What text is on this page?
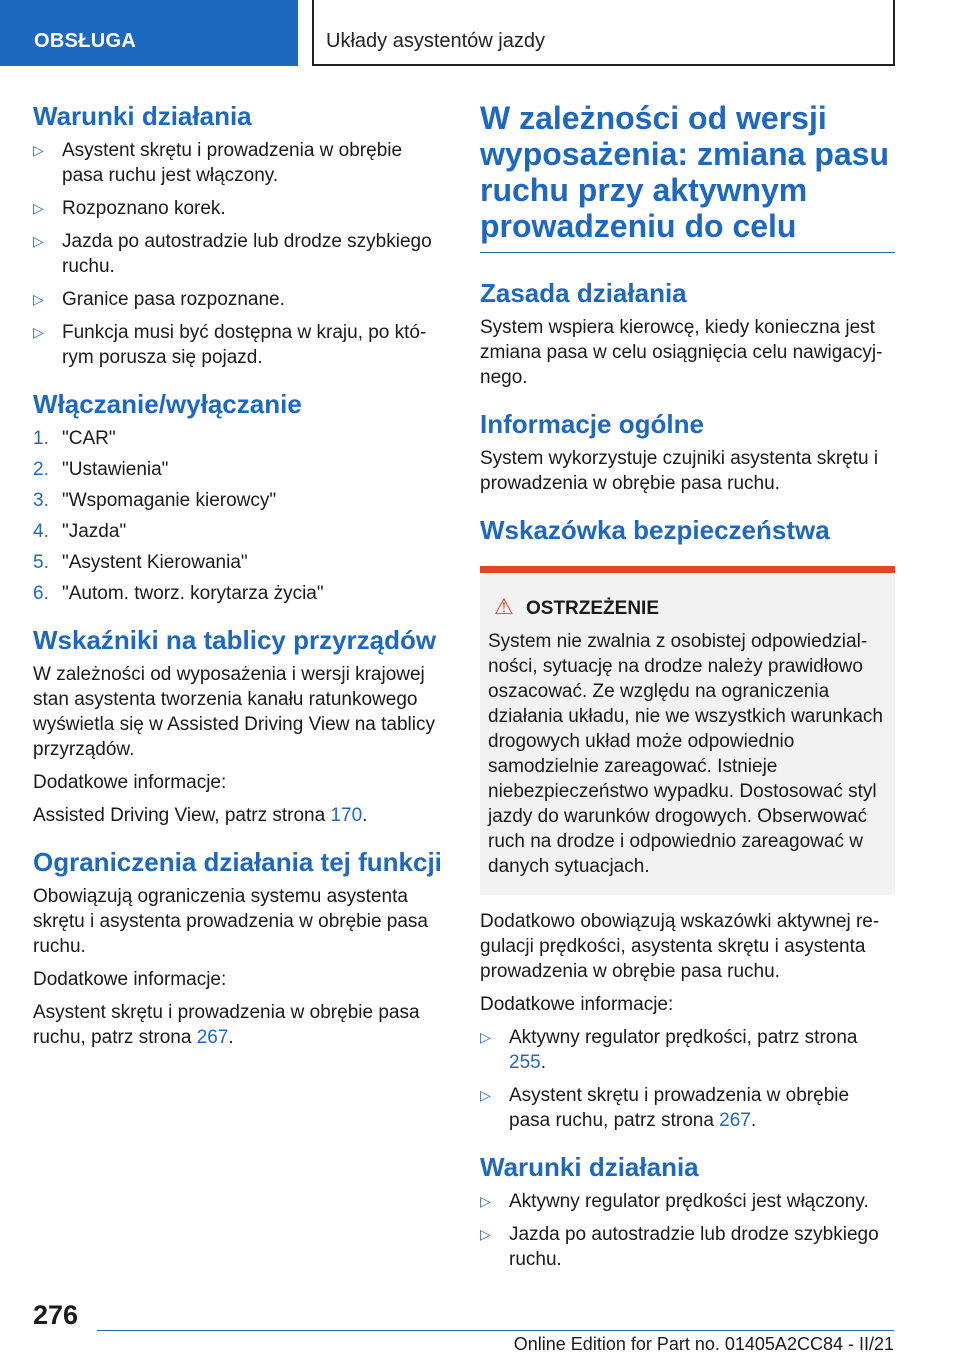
OBSŁUGA	Układy asystentów jazdy
Warunki działania
▷ Asystent skrętu i prowadzenia w obrębie pasa ruchu jest włączony.
▷ Rozpoznano korek.
▷ Jazda po autostradzie lub drodze szybkiego ruchu.
▷ Granice pasa rozpoznane.
▷ Funkcja musi być dostępna w kraju, po którym porusza się pojazd.
Włączanie/wyłączanie
1. "CAR"
2. "Ustawienia"
3. "Wspomaganie kierowcy"
4. "Jazda"
5. "Asystent Kierowania"
6. "Autom. tworz. korytarza życia"
Wskaźniki na tablicy przyrządów

W zależności od wyposażenia i wersji krajowej stan asystenta tworzenia kanału ratunkowego wyświetla się w Assisted Driving View na tablicy przyrządów.

Dodatkowe informacje:

Assisted Driving View, patrz strona 170.

Ograniczenia działania tej funkcji

Obowiązują ograniczenia systemu asystenta skrętu i asystenta prowadzenia w obrębie pasa ruchu.

Dodatkowe informacje:

Asystent skrętu i prowadzenia w obrębie pasa ruchu, patrz strona 267.

W zależności od wersji wyposażenia: zmiana pasu ruchu przy aktywnym prowadzeniu do celu
Zasada działania

System wspiera kierowcę, kiedy konieczna jest zmiana pasa w celu osiągnięcia celu nawigacyjnego.

Informacje ogólne

System wykorzystuje czujniki asystenta skrętu i prowadzenia w obrębie pasa ruchu.

Wskazówka bezpieczeństwa
⚠ OSTRZEŻENIE
System nie zwalnia z osobistej odpowiedzialności, sytuację na drodze należy prawidłowo oszacować. Ze względu na ograniczenia działania układu, nie we wszystkich warunkach drogowych układ może odpowiednio samodzielnie zareagować. Istnieje niebezpieczeństwo wypadku. Dostosować styl jazdy do warunków drogowych. Obserwować ruch na drodze i odpowiednio zareagować w danych sytuacjach.

Dodatkowo obowiązują wskazówki aktywnej regulacji prędkości, asystenta skrętu i asystenta prowadzenia w obrębie pasa ruchu.

Dodatkowe informacje:

▷ Aktywny regulator prędkości, patrz strona 255.
▷ Asystent skrętu i prowadzenia w obrębie pasa ruchu, patrz strona 267.
Warunki działania
▷ Aktywny regulator prędkości jest włączony.
▷ Jazda po autostradzie lub drodze szybkiego ruchu.
276
Online Edition for Part no. 01405A2CC84 - II/21
